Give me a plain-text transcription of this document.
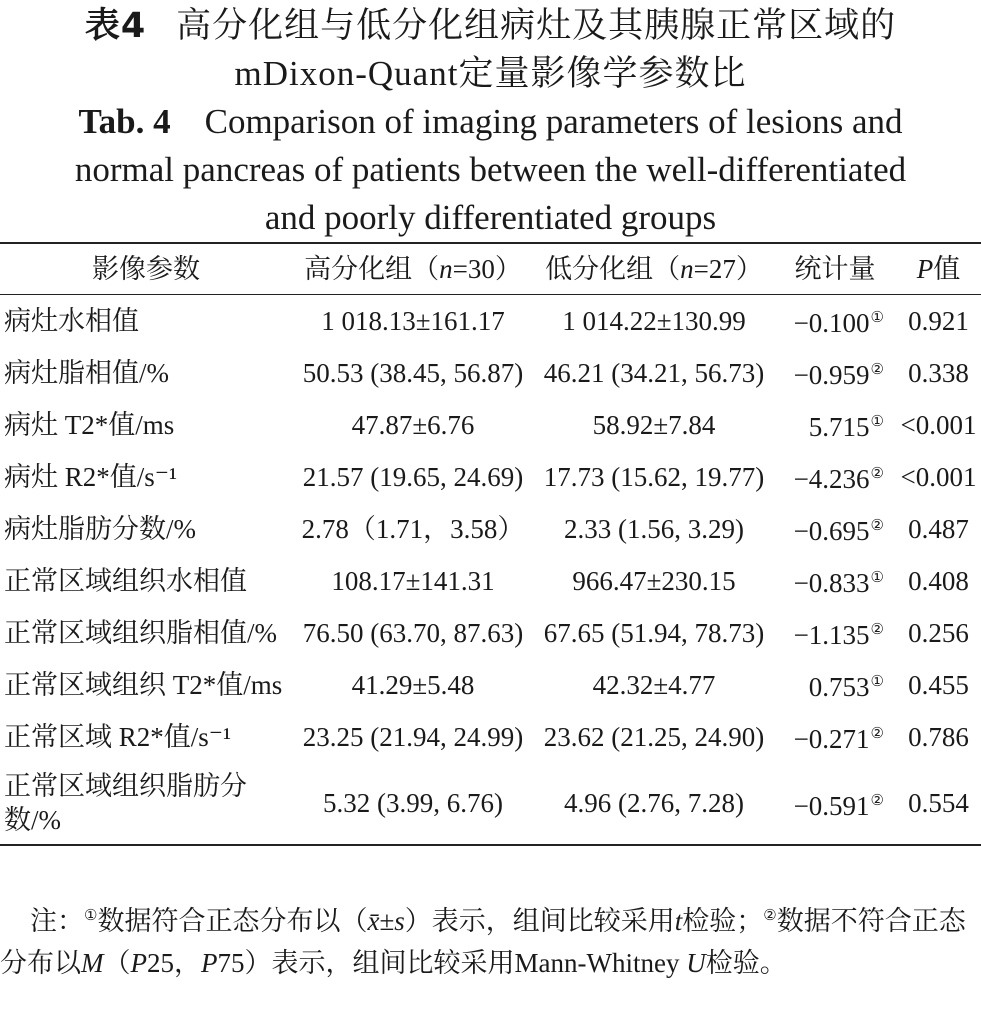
表4 高分化组与低分化组病灶及其胰腺正常区域的
mDixon-Quant定量影像学参数比
Tab. 4 Comparison of imaging parameters of lesions and
normal pancreas of patients between the well-differentiated
and poorly differentiated groups
影像参数	高分化组（n=30）	低分化组（n=27）	统计量	P值
病灶水相值	1 018.13±161.17	1 014.22±130.99	−0.100①	0.921
病灶脂相值/%	50.53 (38.45, 56.87)	46.21 (34.21, 56.73)	−0.959②	0.338
病灶 T2*值/ms	47.87±6.76	58.92±7.84	5.715①	<0.001
病灶 R2*值/s⁻¹	21.57 (19.65, 24.69)	17.73 (15.62, 19.77)	−4.236②	<0.001
病灶脂肪分数/%	2.78（1.71，3.58）	2.33 (1.56, 3.29)	−0.695②	0.487
正常区域组织水相值	108.17±141.31	966.47±230.15	−0.833①	0.408
正常区域组织脂相值/%	76.50 (63.70, 87.63)	67.65 (51.94, 78.73)	−1.135②	0.256
正常区域组织 T2*值/ms	41.29±5.48	42.32±4.77	0.753①	0.455
正常区域 R2*值/s⁻¹	23.25 (21.94, 24.99)	23.62 (21.25, 24.90)	−0.271②	0.786
正常区域组织脂肪分数/%	5.32 (3.99, 6.76)	4.96 (2.76, 7.28)	−0.591②	0.554
注：①数据符合正态分布以（x̄±s）表示，组间比较采用t检验；②数据不符合正态分布以M（P25，P75）表示，组间比较采用Mann-Whitney U检验。
